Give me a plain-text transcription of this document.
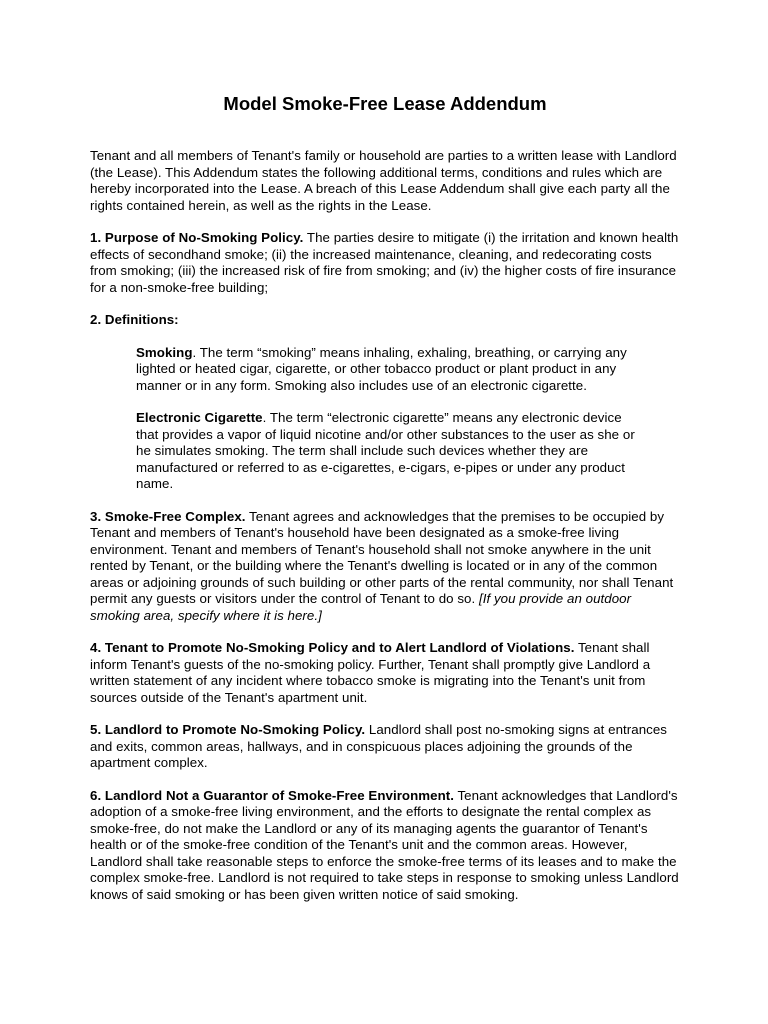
Model Smoke-Free Lease Addendum

Tenant and all members of Tenant's family or household are parties to a written lease with Landlord (the Lease). This Addendum states the following additional terms, conditions and rules which are hereby incorporated into the Lease. A breach of this Lease Addendum shall give each party all the rights contained herein, as well as the rights in the Lease.

1. Purpose of No-Smoking Policy. The parties desire to mitigate (i) the irritation and known health effects of secondhand smoke; (ii) the increased maintenance, cleaning, and redecorating costs from smoking; (iii) the increased risk of fire from smoking; and (iv) the higher costs of fire insurance for a non-smoke-free building;

2. Definitions:

Smoking. The term “smoking” means inhaling, exhaling, breathing, or carrying any lighted or heated cigar, cigarette, or other tobacco product or plant product in any manner or in any form. Smoking also includes use of an electronic cigarette.

Electronic Cigarette. The term “electronic cigarette” means any electronic device that provides a vapor of liquid nicotine and/or other substances to the user as she or he simulates smoking. The term shall include such devices whether they are manufactured or referred to as e-cigarettes, e-cigars, e-pipes or under any product name.

3. Smoke-Free Complex. Tenant agrees and acknowledges that the premises to be occupied by Tenant and members of Tenant's household have been designated as a smoke-free living environment. Tenant and members of Tenant's household shall not smoke anywhere in the unit rented by Tenant, or the building where the Tenant's dwelling is located or in any of the common areas or adjoining grounds of such building or other parts of the rental community, nor shall Tenant permit any guests or visitors under the control of Tenant to do so. [If you provide an outdoor smoking area, specify where it is here.]

4. Tenant to Promote No-Smoking Policy and to Alert Landlord of Violations. Tenant shall inform Tenant's guests of the no-smoking policy. Further, Tenant shall promptly give Landlord a written statement of any incident where tobacco smoke is migrating into the Tenant's unit from sources outside of the Tenant's apartment unit.

5. Landlord to Promote No-Smoking Policy. Landlord shall post no-smoking signs at entrances and exits, common areas, hallways, and in conspicuous places adjoining the grounds of the apartment complex.

6. Landlord Not a Guarantor of Smoke-Free Environment. Tenant acknowledges that Landlord's adoption of a smoke-free living environment, and the efforts to designate the rental complex as smoke-free, do not make the Landlord or any of its managing agents the guarantor of Tenant's health or of the smoke-free condition of the Tenant's unit and the common areas. However, Landlord shall take reasonable steps to enforce the smoke-free terms of its leases and to make the complex smoke-free. Landlord is not required to take steps in response to smoking unless Landlord knows of said smoking or has been given written notice of said smoking.
